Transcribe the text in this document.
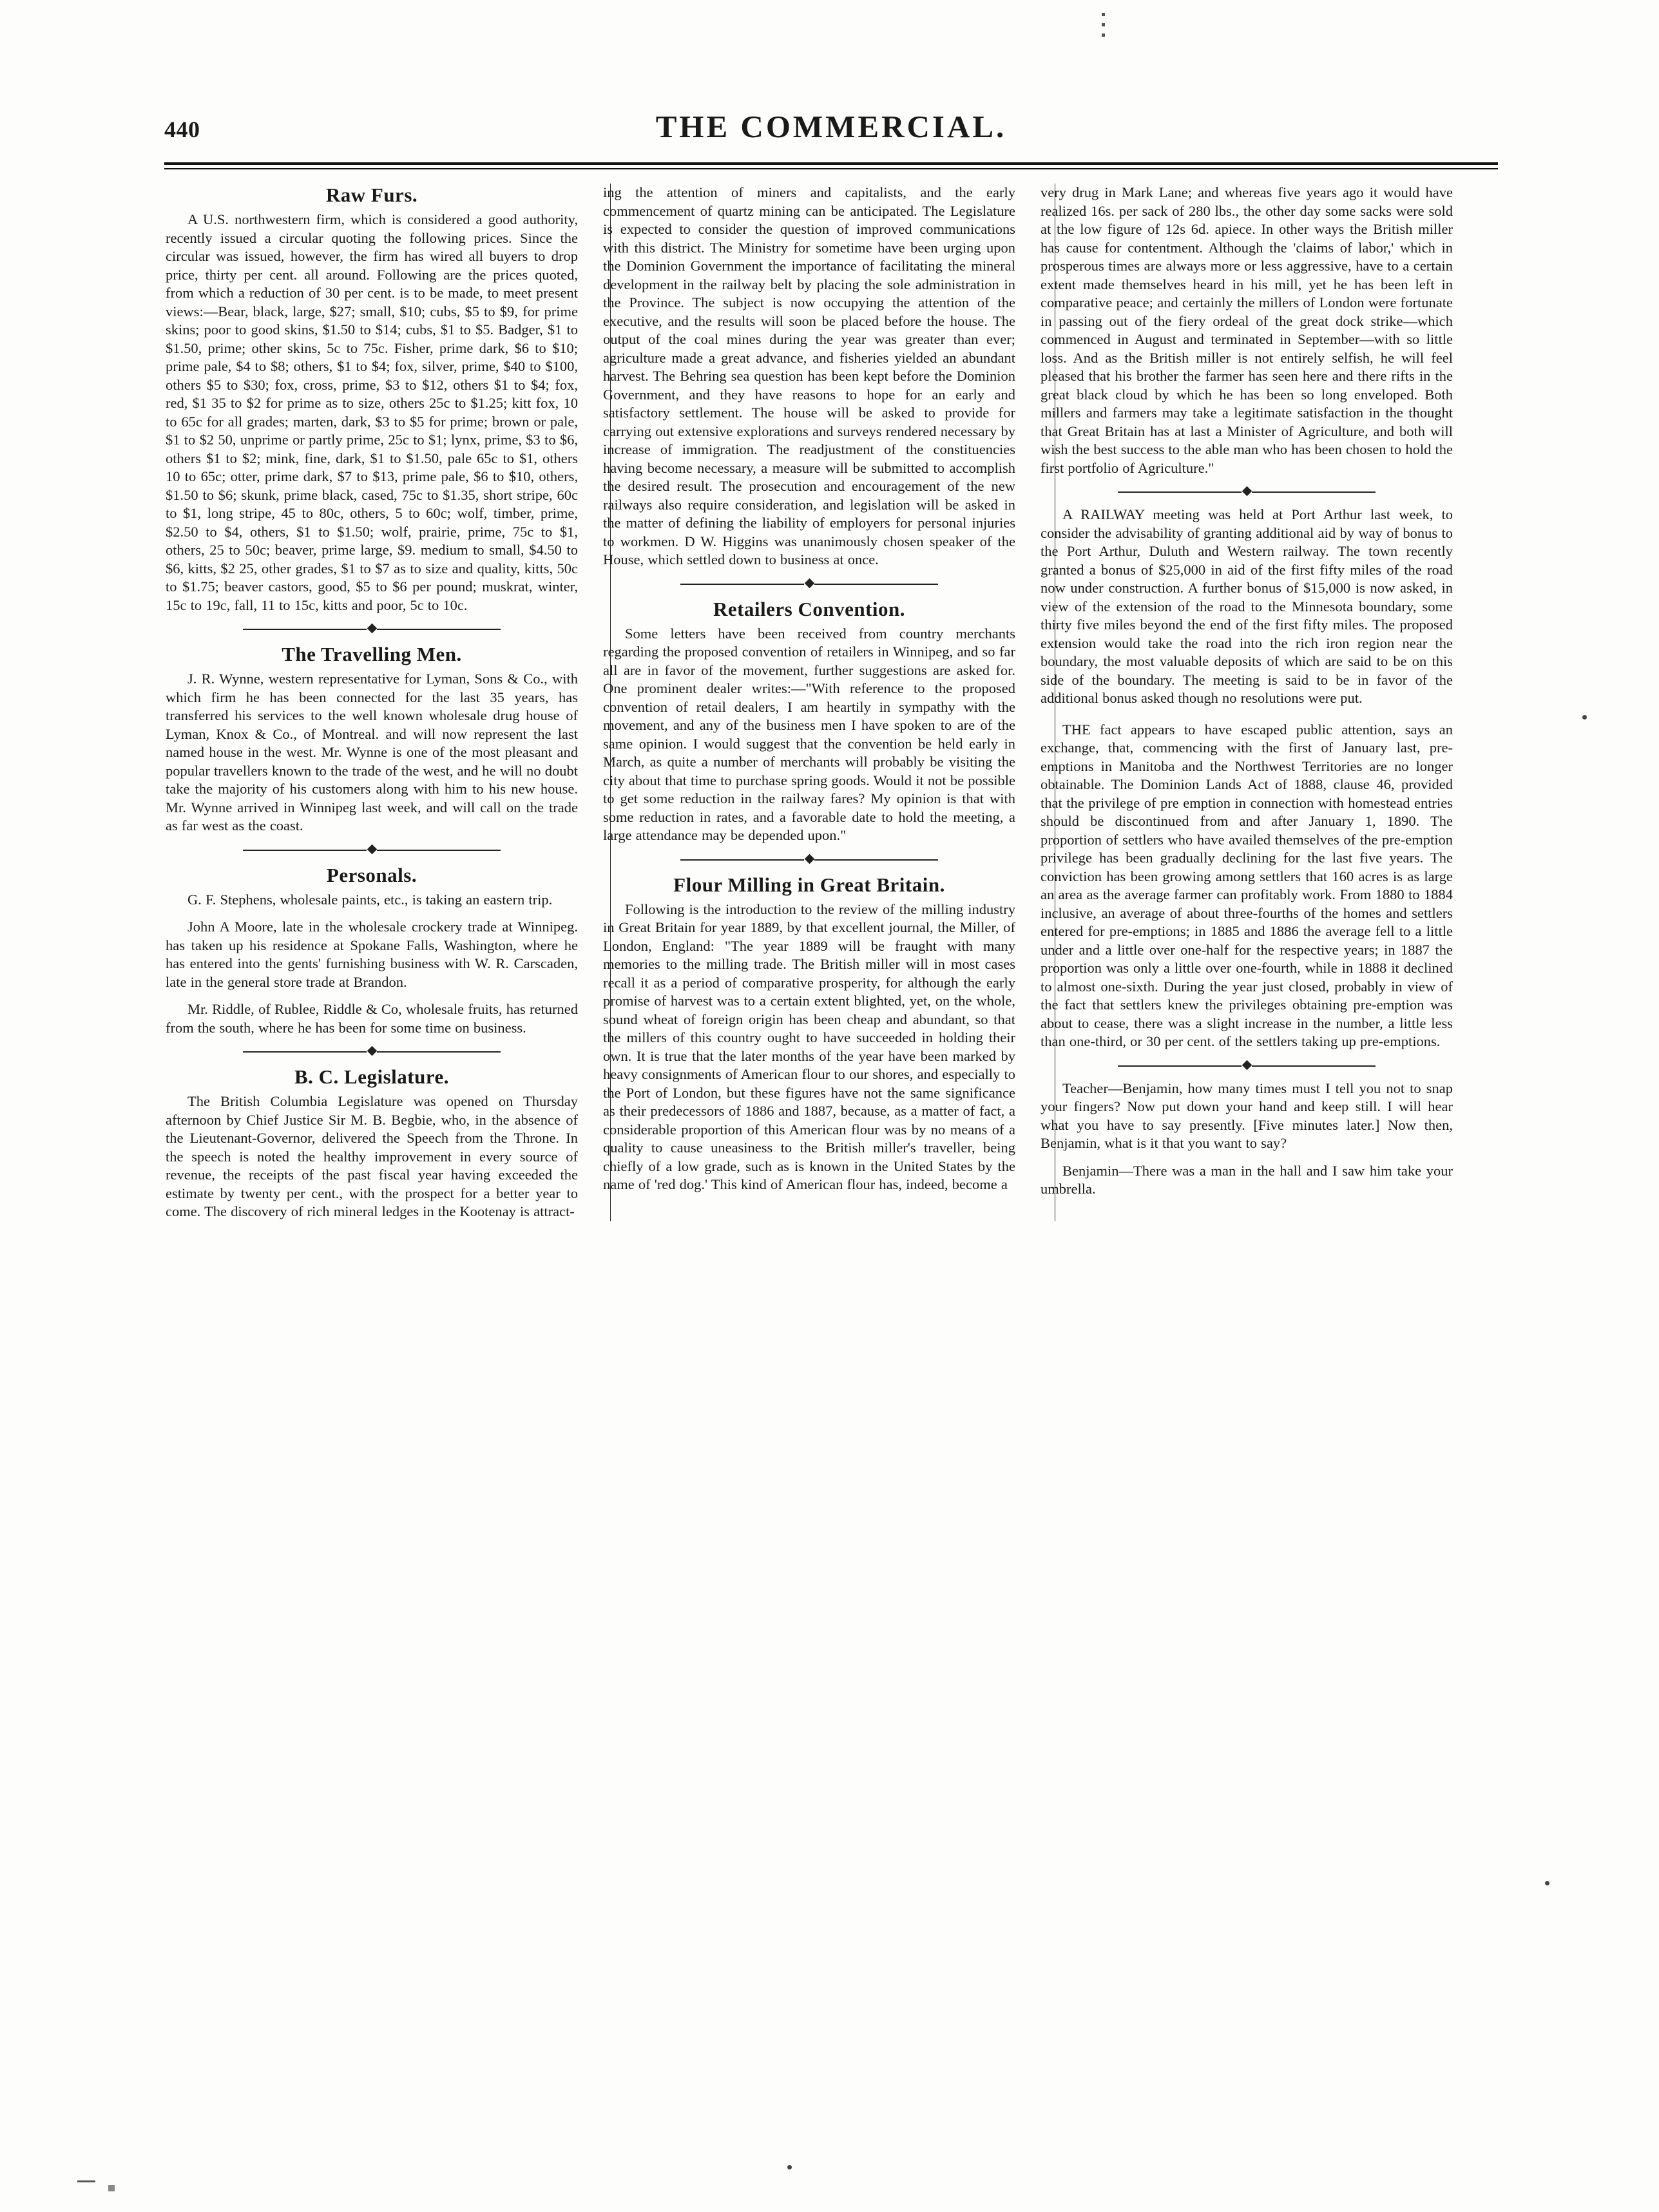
440	THE COMMERCIAL.
Raw Furs.

A U.S. northwestern firm, which is considered a good authority, recently issued a circular quoting the following prices. Since the circular was issued, however, the firm has wired all buyers to drop price, thirty per cent. all around. Following are the prices quoted, from which a reduction of 30 per cent. is to be made, to meet present views:—Bear, black, large, $27; small, $10; cubs, $5 to $9, for prime skins; poor to good skins, $1.50 to $14; cubs, $1 to $5. Badger, $1 to $1.50, prime; other skins, 5c to 75c. Fisher, prime dark, $6 to $10; prime pale, $4 to $8; others, $1 to $4; fox, silver, prime, $40 to $100, others $5 to $30; fox, cross, prime, $3 to $12, others $1 to $4; fox, red, $1 35 to $2 for prime as to size, others 25c to $1.25; kitt fox, 10 to 65c for all grades; marten, dark, $3 to $5 for prime; brown or pale, $1 to $2 50, unprime or partly prime, 25c to $1; lynx, prime, $3 to $6, others $1 to $2; mink, fine, dark, $1 to $1.50, pale 65c to $1, others 10 to 65c; otter, prime dark, $7 to $13, prime pale, $6 to $10, others, $1.50 to $6; skunk, prime black, cased, 75c to $1.35, short stripe, 60c to $1, long stripe, 45 to 80c, others, 5 to 60c; wolf, timber, prime, $2.50 to $4, others, $1 to $1.50; wolf, prairie, prime, 75c to $1, others, 25 to 50c; beaver, prime large, $9. medium to small, $4.50 to $6, kitts, $2 25, other grades, $1 to $7 as to size and quality, kitts, 50c to $1.75; beaver castors, good, $5 to $6 per pound; muskrat, winter, 15c to 19c, fall, 11 to 15c, kitts and poor, 5c to 10c.

The Travelling Men.

J. R. Wynne, western representative for Lyman, Sons & Co., with which firm he has been connected for the last 35 years, has transferred his services to the well known wholesale drug house of Lyman, Knox & Co., of Montreal. and will now represent the last named house in the west. Mr. Wynne is one of the most pleasant and popular travellers known to the trade of the west, and he will no doubt take the majority of his customers along with him to his new house. Mr. Wynne arrived in Winnipeg last week, and will call on the trade as far west as the coast.

Personals.

G. F. Stephens, wholesale paints, etc., is taking an eastern trip.

John A Moore, late in the wholesale crockery trade at Winnipeg. has taken up his residence at Spokane Falls, Washington, where he has entered into the gents' furnishing business with W. R. Carscaden, late in the general store trade at Brandon.

Mr. Riddle, of Rublee, Riddle & Co, wholesale fruits, has returned from the south, where he has been for some time on business.

B. C. Legislature.

The British Columbia Legislature was opened on Thursday afternoon by Chief Justice Sir M. B. Begbie, who, in the absence of the Lieutenant-Governor, delivered the Speech from the Throne. In the speech is noted the healthy improvement in every source of revenue, the receipts of the past fiscal year having exceeded the estimate by twenty per cent., with the prospect for a better year to come. The discovery of rich mineral ledges in the Kootenay is attract-

ing the attention of miners and capitalists, and the early commencement of quartz mining can be anticipated. The Legislature is expected to consider the question of improved communications with this district. The Ministry for sometime have been urging upon the Dominion Government the importance of facilitating the mineral development in the railway belt by placing the sole administration in the Province. The subject is now occupying the attention of the executive, and the results will soon be placed before the house. The output of the coal mines during the year was greater than ever; agriculture made a great advance, and fisheries yielded an abundant harvest. The Behring sea question has been kept before the Dominion Government, and they have reasons to hope for an early and satisfactory settlement. The house will be asked to provide for carrying out extensive explorations and surveys rendered necessary by increase of immigration. The readjustment of the constituencies having become necessary, a measure will be submitted to accomplish the desired result. The prosecution and encouragement of the new railways also require consideration, and legislation will be asked in the matter of defining the liability of employers for personal injuries to workmen. D W. Higgins was unanimously chosen speaker of the House, which settled down to business at once.

Retailers Convention.

Some letters have been received from country merchants regarding the proposed convention of retailers in Winnipeg, and so far all are in favor of the movement, further suggestions are asked for. One prominent dealer writes:—"With reference to the proposed convention of retail dealers, I am heartily in sympathy with the movement, and any of the business men I have spoken to are of the same opinion. I would suggest that the convention be held early in March, as quite a number of merchants will probably be visiting the city about that time to purchase spring goods. Would it not be possible to get some reduction in the railway fares? My opinion is that with some reduction in rates, and a favorable date to hold the meeting, a large attendance may be depended upon."

Flour Milling in Great Britain.

Following is the introduction to the review of the milling industry in Great Britain for year 1889, by that excellent journal, the Miller, of London, England: "The year 1889 will be fraught with many memories to the milling trade. The British miller will in most cases recall it as a period of comparative prosperity, for although the early promise of harvest was to a certain extent blighted, yet, on the whole, sound wheat of foreign origin has been cheap and abundant, so that the millers of this country ought to have succeeded in holding their own. It is true that the later months of the year have been marked by heavy consignments of American flour to our shores, and especially to the Port of London, but these figures have not the same significance as their predecessors of 1886 and 1887, because, as a matter of fact, a considerable proportion of this American flour was by no means of a quality to cause uneasiness to the British miller's traveller, being chiefly of a low grade, such as is known in the United States by the name of 'red dog.' This kind of American flour has, indeed, become a

very drug in Mark Lane; and whereas five years ago it would have realized 16s. per sack of 280 lbs., the other day some sacks were sold at the low figure of 12s 6d. apiece. In other ways the British miller has cause for contentment. Although the 'claims of labor,' which in prosperous times are always more or less aggressive, have to a certain extent made themselves heard in his mill, yet he has been left in comparative peace; and certainly the millers of London were fortunate in passing out of the fiery ordeal of the great dock strike—which commenced in August and terminated in September—with so little loss. And as the British miller is not entirely selfish, he will feel pleased that his brother the farmer has seen here and there rifts in the great black cloud by which he has been so long enveloped. Both millers and farmers may take a legitimate satisfaction in the thought that Great Britain has at last a Minister of Agriculture, and both will wish the best success to the able man who has been chosen to hold the first portfolio of Agriculture."

A RAILWAY meeting was held at Port Arthur last week, to consider the advisability of granting additional aid by way of bonus to the Port Arthur, Duluth and Western railway. The town recently granted a bonus of $25,000 in aid of the first fifty miles of the road now under construction. A further bonus of $15,000 is now asked, in view of the extension of the road to the Minnesota boundary, some thirty five miles beyond the end of the first fifty miles. The proposed extension would take the road into the rich iron region near the boundary, the most valuable deposits of which are said to be on this side of the boundary. The meeting is said to be in favor of the additional bonus asked though no resolutions were put.

THE fact appears to have escaped public attention, says an exchange, that, commencing with the first of January last, pre-emptions in Manitoba and the Northwest Territories are no longer obtainable. The Dominion Lands Act of 1888, clause 46, provided that the privilege of pre emption in connection with homestead entries should be discontinued from and after January 1, 1890. The proportion of settlers who have availed themselves of the pre-emption privilege has been gradually declining for the last five years. The conviction has been growing among settlers that 160 acres is as large an area as the average farmer can profitably work. From 1880 to 1884 inclusive, an average of about three-fourths of the homes and settlers entered for pre-emptions; in 1885 and 1886 the average fell to a little under and a little over one-half for the respective years; in 1887 the proportion was only a little over one-fourth, while in 1888 it declined to almost one-sixth. During the year just closed, probably in view of the fact that settlers knew the privileges obtaining pre-emption was about to cease, there was a slight increase in the number, a little less than one-third, or 30 per cent. of the settlers taking up pre-emptions.

Teacher—Benjamin, how many times must I tell you not to snap your fingers? Now put down your hand and keep still. I will hear what you have to say presently. [Five minutes later.] Now then, Benjamin, what is it that you want to say?

Benjamin—There was a man in the hall and I saw him take your umbrella.
